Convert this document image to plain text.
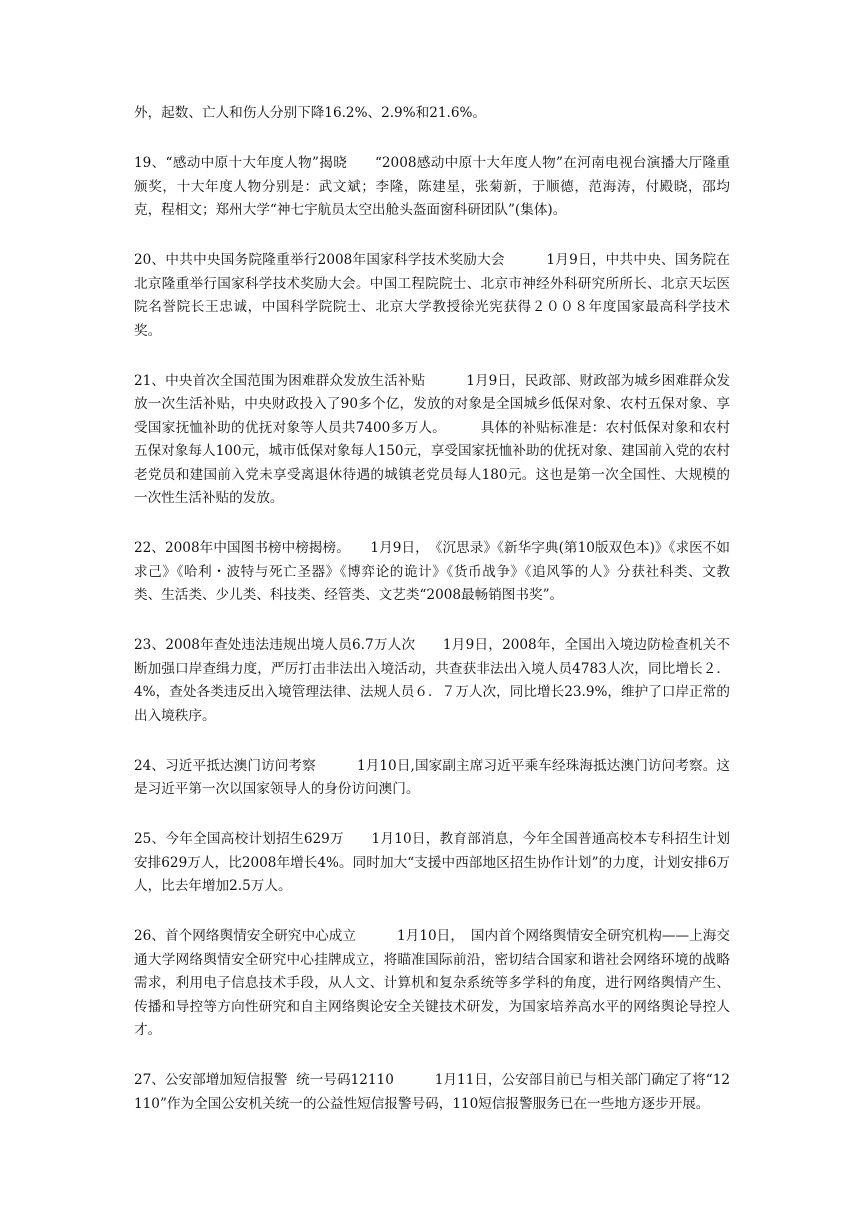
外，起数、亡人和伤人分别下降16.2%、2.9%和21.6%。

19、“感动中原十大年度人物”揭晓　　“2008感动中原十大年度人物”在河南电视台演播大厅隆重颁奖，十大年度人物分别是：武文斌；李隆，陈建星，张菊新，于顺德，范海涛，付殿晓，邵均克，程相文；郑州大学“神七宇航员太空出舱头盔面窗科研团队”(集体)。

20、中共中央国务院隆重举行2008年国家科学技术奖励大会　　　1月9日，中共中央、国务院在北京隆重举行国家科学技术奖励大会。中国工程院院士、北京市神经外科研究所所长、北京天坛医院名誉院长王忠诚，中国科学院院士、北京大学教授徐光宪获得２００８年度国家最高科学技术奖。

21、中央首次全国范围为困难群众发放生活补贴　　　1月9日，民政部、财政部为城乡困难群众发放一次生活补贴，中央财政投入了90多个亿，发放的对象是全国城乡低保对象、农村五保对象、享受国家抚恤补助的优抚对象等人员共7400多万人。　　　具体的补贴标准是：农村低保对象和农村五保对象每人100元，城市低保对象每人150元，享受国家抚恤补助的优抚对象、建国前入党的农村老党员和建国前入党未享受离退休待遇的城镇老党员每人180元。这也是第一次全国性、大规模的一次性生活补贴的发放。

22、2008年中国图书榜中榜揭榜。　　1月9日，　《沉思录》《新华字典(第10版双色本)》《求医不如求己》《哈利・波特与死亡圣器》《博弈论的诡计》《货币战争》《追风筝的人》分获社科类、文教类、生活类、少儿类、科技类、经管类、文艺类“2008最畅销图书奖”。

23、2008年查处违法违规出境人员6.7万人次　　1月9日，2008年，全国出入境边防检查机关不断加强口岸查缉力度，严厉打击非法出入境活动，共查获非法出入境人员4783人次，同比增长２．4%，查处各类违反出入境管理法律、法规人员６．７万人次，同比增长23.9%，维护了口岸正常的出入境秩序。

24、习近平抵达澳门访问考察　　　1月10日,国家副主席习近平乘车经珠海抵达澳门访问考察。这是习近平第一次以国家领导人的身份访问澳门。

25、今年全国高校计划招生629万　　1月10日，教育部消息，今年全国普通高校本专科招生计划安排629万人，比2008年增长4%。同时加大“支援中西部地区招生协作计划”的力度，计划安排6万人，比去年增加2.5万人。

26、首个网络舆情安全研究中心成立　　　1月10日，　国内首个网络舆情安全研究机构——上海交通大学网络舆情安全研究中心挂牌成立，将瞄准国际前沿，密切结合国家和谐社会网络环境的战略需求，利用电子信息技术手段，从人文、计算机和复杂系统等多学科的角度，进行网络舆情产生、传播和导控等方向性研究和自主网络舆论安全关键技术研发，为国家培养高水平的网络舆论导控人才。

27、公安部增加短信报警  统一号码12110　　　1月11日，公安部目前已与相关部门确定了将“12110”作为全国公安机关统一的公益性短信报警号码，110短信报警服务已在一些地方逐步开展。
